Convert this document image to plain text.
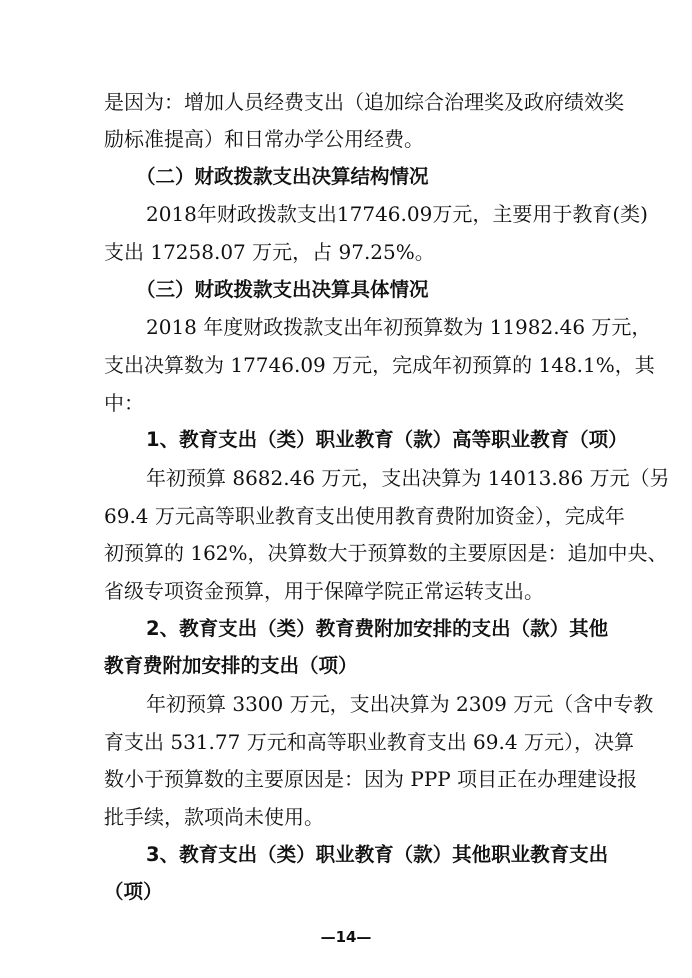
是因为：增加人员经费支出（追加综合治理奖及政府绩效奖
励标准提高）和日常办学公用经费。
（二）财政拨款支出决算结构情况
2018年财政拨款支出17746.09万元，主要用于教育(类)
支出 17258.07 万元，占 97.25%。
（三）财政拨款支出决算具体情况
2018 年度财政拨款支出年初预算数为 11982.46 万元，
支出决算数为 17746.09 万元，完成年初预算的 148.1%，其
中：
1、教育支出（类）职业教育（款）高等职业教育（项）
年初预算 8682.46 万元，支出决算为 14013.86 万元（另
69.4 万元高等职业教育支出使用教育费附加资金），完成年
初预算的 162%，决算数大于预算数的主要原因是：追加中央、
省级专项资金预算，用于保障学院正常运转支出。
2、教育支出（类）教育费附加安排的支出（款）其他
教育费附加安排的支出（项）
年初预算 3300 万元，支出决算为 2309 万元（含中专教
育支出 531.77 万元和高等职业教育支出 69.4 万元），决算
数小于预算数的主要原因是：因为 PPP 项目正在办理建设报
批手续，款项尚未使用。
3、教育支出（类）职业教育（款）其他职业教育支出
（项）
—14—
